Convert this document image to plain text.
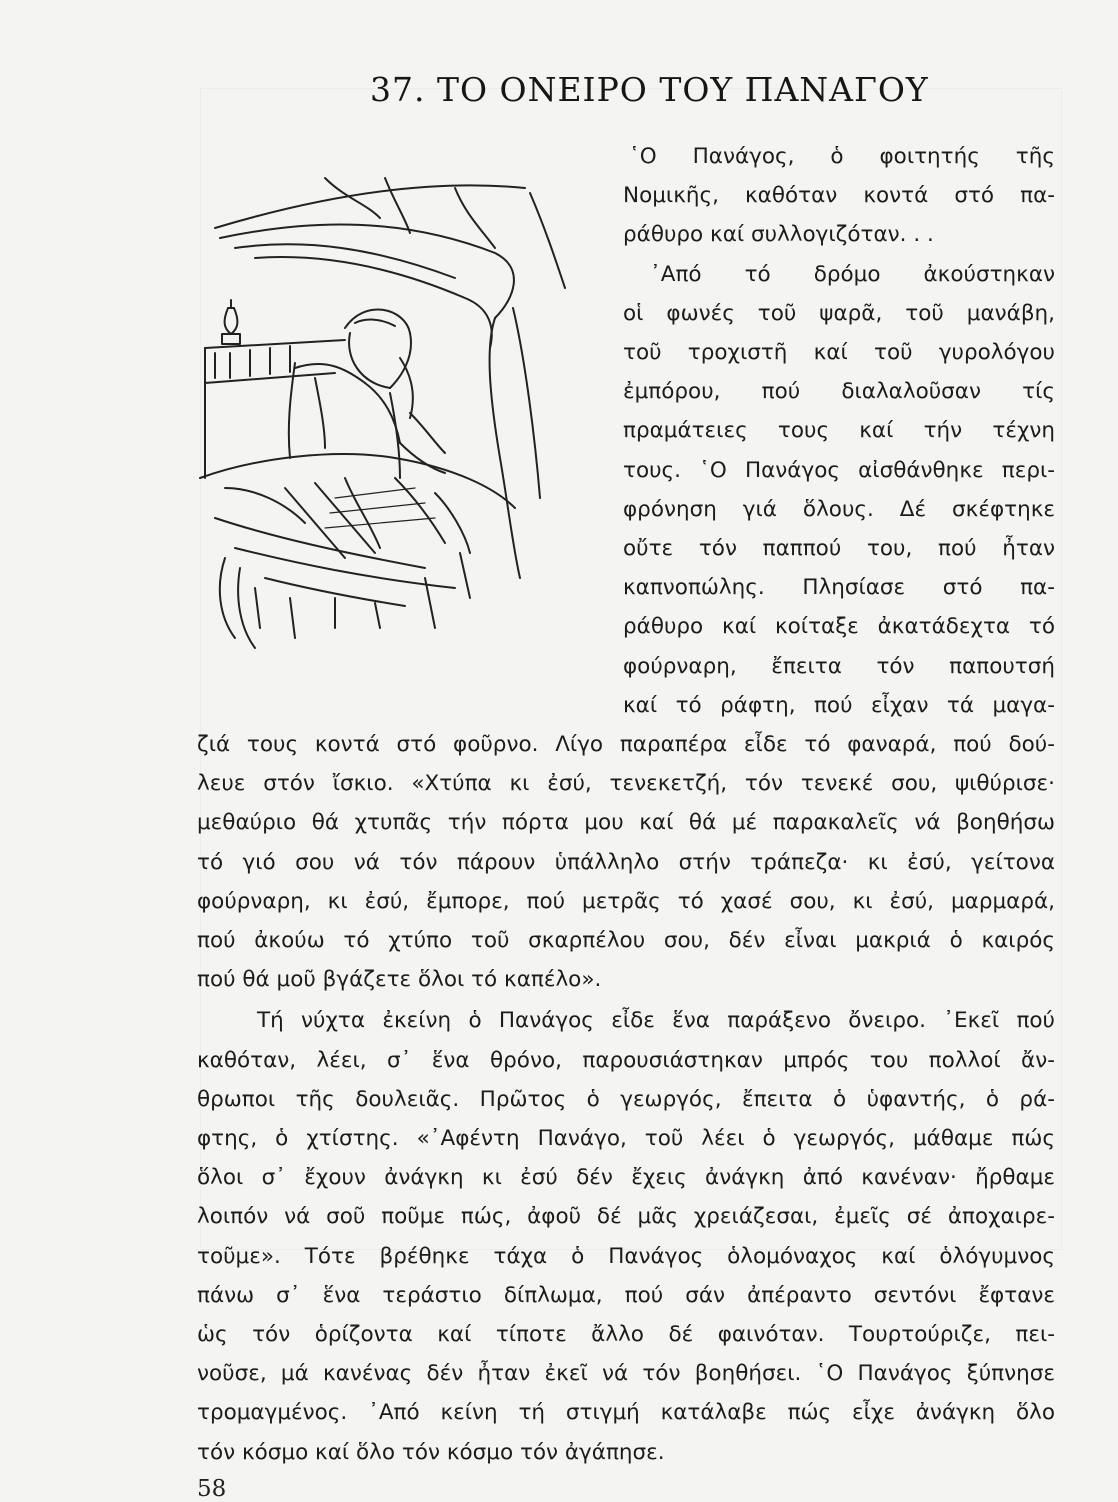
37. ΤΟ ΟΝΕΙΡΟ ΤΟΥ ΠΑΝΑΓΟΥ
῾Ο Πανάγος, ὁ φοιτητής τῆς
Νομικῆς, καθόταν κοντά στό πα-
ράθυρο καί συλλογιζόταν. . .
᾿Από τό δρόμο ἀκούστηκαν
οἱ φωνές τοῦ ψαρᾶ, τοῦ μανάβη,
τοῦ τροχιστῆ καί τοῦ γυρολόγου
ἐμπόρου, πού διαλαλοῦσαν τίς
πραμάτειες τους καί τήν τέχνη
τους. ῾Ο Πανάγος αἰσθάνθηκε περι-
φρόνηση γιά ὅλους. Δέ σκέφτηκε
οὔτε τόν παππού του, πού ἦταν
καπνοπώλης. Πλησίασε στό πα-
ράθυρο καί κοίταξε ἀκατάδεχτα τό
φούρναρη, ἔπειτα τόν παπουτσή
καί τό ράφτη, πού εἶχαν τά μαγα-
ζιά τους κοντά στό φοῦρνο. Λίγο παραπέρα εἶδε τό φαναρά, πού δού-
λευε στόν ἴσκιο. «Χτύπα κι ἐσύ, τενεκετζή, τόν τενεκέ σου, ψιθύρισε·
μεθαύριο θά χτυπᾶς τήν πόρτα μου καί θά μέ παρακαλεῖς νά βοηθήσω
τό γιό σου νά τόν πάρουν ὑπάλληλο στήν τράπεζα· κι ἐσύ, γείτονα
φούρναρη, κι ἐσύ, ἔμπορε, πού μετρᾶς τό χασέ σου, κι ἐσύ, μαρμαρά,
πού ἀκούω τό χτύπο τοῦ σκαρπέλου σου, δέν εἶναι μακριά ὁ καιρός
πού θά μοῦ βγάζετε ὅλοι τό καπέλο».
Τή νύχτα ἐκείνη ὁ Πανάγος εἶδε ἕνα παράξενο ὄνειρο. ᾿Εκεῖ πού
καθόταν, λέει, σ᾿ ἕνα θρόνο, παρουσιάστηκαν μπρός του πολλοί ἄν-
θρωποι τῆς δουλειᾶς. Πρῶτος ὁ γεωργός, ἔπειτα ὁ ὑφαντής, ὁ ρά-
φτης, ὁ χτίστης. «᾿Αφέντη Πανάγο, τοῦ λέει ὁ γεωργός, μάθαμε πώς
ὅλοι σ᾿ ἔχουν ἀνάγκη κι ἐσύ δέν ἔχεις ἀνάγκη ἀπό κανέναν· ἤρθαμε
λοιπόν νά σοῦ ποῦμε πώς, ἀφοῦ δέ μᾶς χρειάζεσαι, ἐμεῖς σέ ἀποχαιρε-
τοῦμε». Τότε βρέθηκε τάχα ὁ Πανάγος ὁλομόναχος καί ὁλόγυμνος
πάνω σ᾿ ἕνα τεράστιο δίπλωμα, πού σάν ἀπέραντο σεντόνι ἔφτανε
ὡς τόν ὁρίζοντα καί τίποτε ἄλλο δέ φαινόταν. Τουρτούριζε, πει-
νοῦσε, μά κανένας δέν ἦταν ἐκεῖ νά τόν βοηθήσει. ῾Ο Πανάγος ξύπνησε
τρομαγμένος. ᾿Από κείνη τή στιγμή κατάλαβε πώς εἶχε ἀνάγκη ὅλο
τόν κόσμο καί ὅλο τόν κόσμο τόν ἀγάπησε.
58
